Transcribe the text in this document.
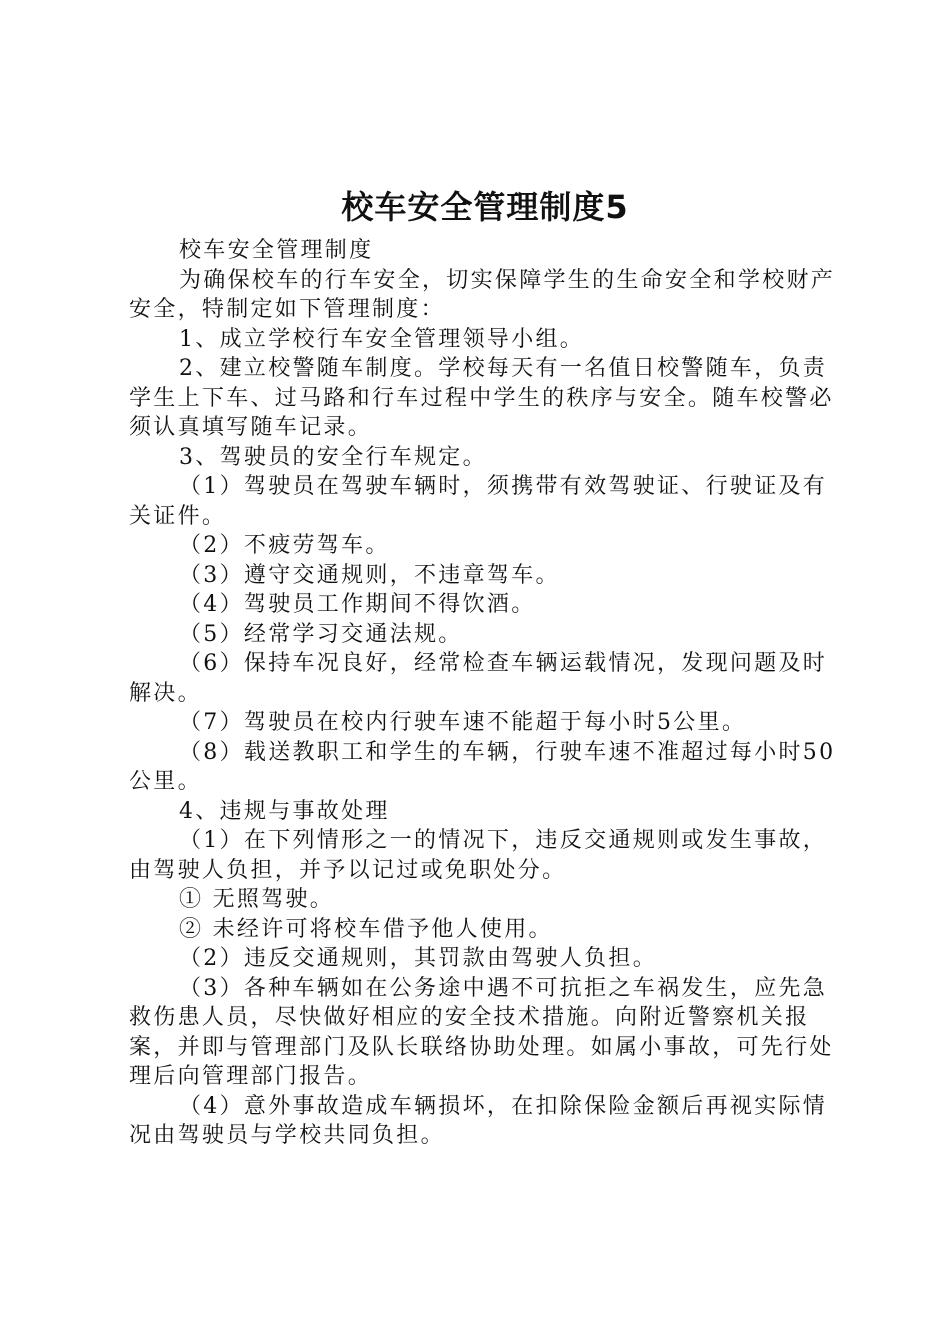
校车安全管理制度5

校车安全管理制度

为确保校车的行车安全，切实保障学生的生命安全和学校财产安全，特制定如下管理制度：

1、成立学校行车安全管理领导小组。

2、建立校警随车制度。学校每天有一名值日校警随车，负责学生上下车、过马路和行车过程中学生的秩序与安全。随车校警必须认真填写随车记录。

3、驾驶员的安全行车规定。

（1）驾驶员在驾驶车辆时，须携带有效驾驶证、行驶证及有关证件。

（2）不疲劳驾车。

（3）遵守交通规则，不违章驾车。

（4）驾驶员工作期间不得饮酒。

（5）经常学习交通法规。

（6）保持车况良好，经常检查车辆运载情况，发现问题及时解决。

（7）驾驶员在校内行驶车速不能超于每小时5公里。

（8）载送教职工和学生的车辆，行驶车速不准超过每小时50公里。

4、违规与事故处理

（1）在下列情形之一的情况下，违反交通规则或发生事故，由驾驶人负担，并予以记过或免职处分。

① 无照驾驶。

② 未经许可将校车借予他人使用。

（2）违反交通规则，其罚款由驾驶人负担。

（3）各种车辆如在公务途中遇不可抗拒之车祸发生，应先急救伤患人员，尽快做好相应的安全技术措施。向附近警察机关报案，并即与管理部门及队长联络协助处理。如属小事故，可先行处理后向管理部门报告。

（4）意外事故造成车辆损坏，在扣除保险金额后再视实际情况由驾驶员与学校共同负担。
